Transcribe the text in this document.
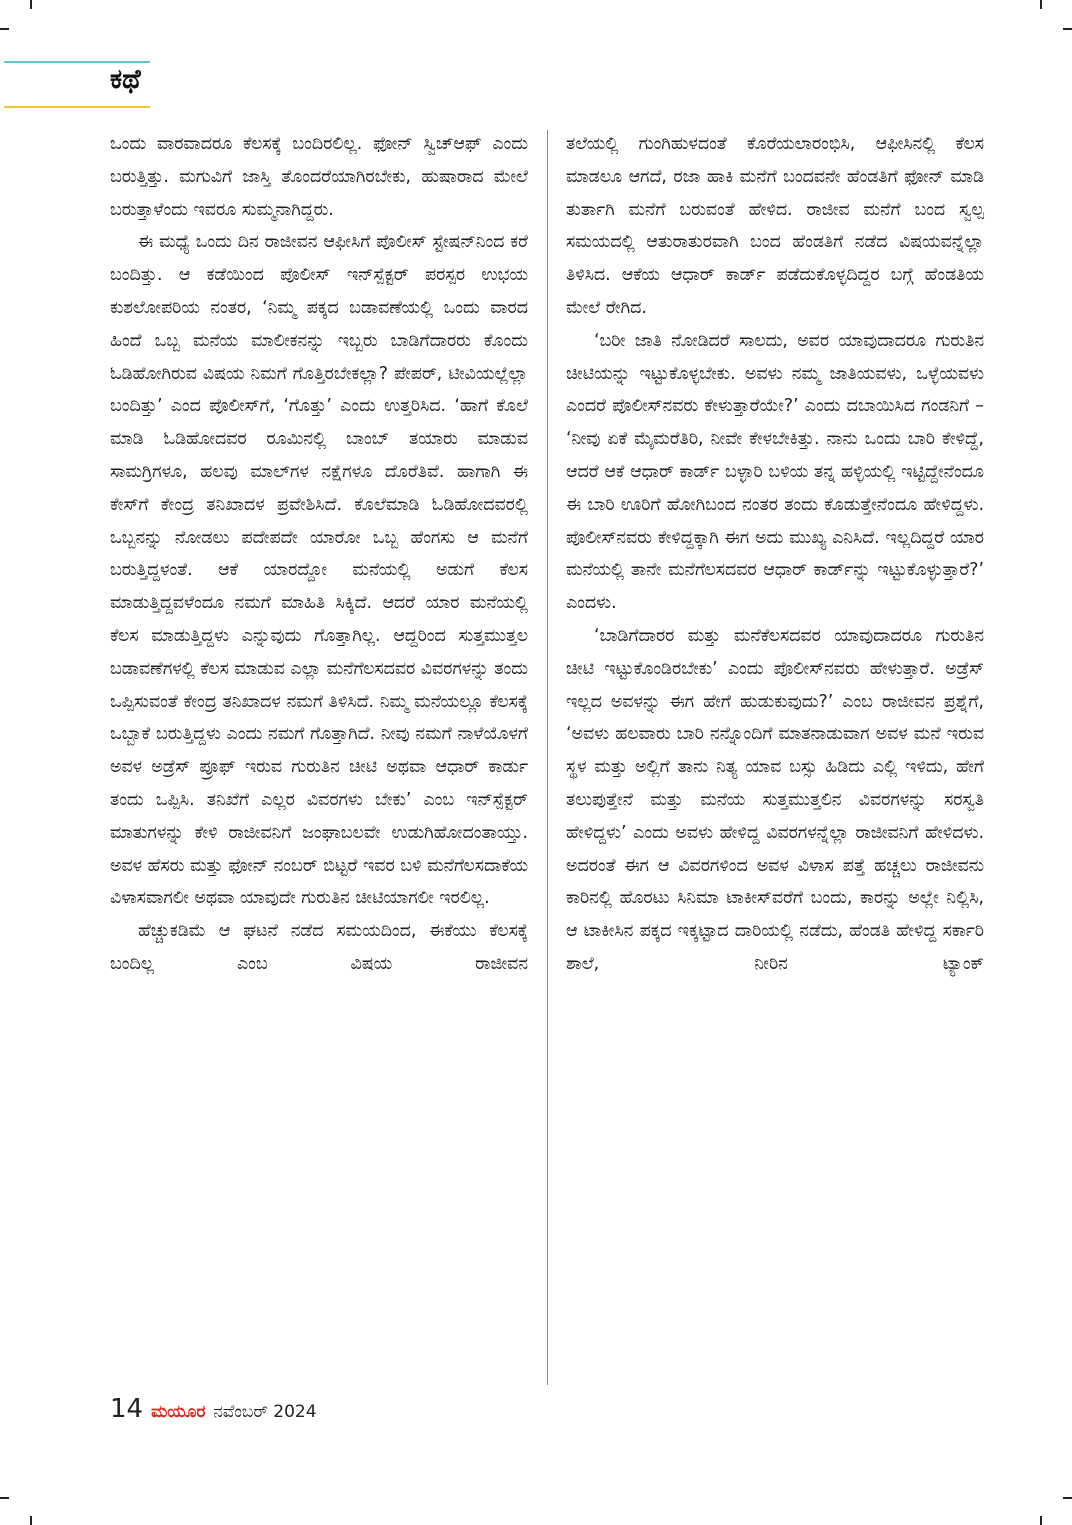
ಕಥೆ

ಒಂದು ವಾರವಾದರೂ ಕೆಲಸಕ್ಕೆ ಬಂದಿರಲಿಲ್ಲ. ಫೋನ್ ಸ್ವಿಚ್‌ಆಫ್ ಎಂದು ಬರುತ್ತಿತ್ತು. ಮಗುವಿಗೆ ಜಾಸ್ತಿ ತೊಂದರೆಯಾಗಿರಬೇಕು, ಹುಷಾರಾದ ಮೇಲೆ ಬರುತ್ತಾಳೆಂದು ಇವರೂ ಸುಮ್ಮನಾಗಿದ್ದರು.

ಈ ಮಧ್ಯೆ ಒಂದು ದಿನ ರಾಜೀವನ ಆಫೀಸಿಗೆ ಪೊಲೀಸ್ ಸ್ಟೇಷನ್‌ನಿಂದ ಕರೆ ಬಂದಿತ್ತು. ಆ ಕಡೆಯಿಂದ ಪೊಲೀಸ್ ಇನ್‌ಸ್ಪೆಕ್ಟರ್ ಪರಸ್ಪರ ಉಭಯ ಕುಶಲೋಪರಿಯ ನಂತರ, ‘ನಿಮ್ಮ ಪಕ್ಕದ ಬಡಾವಣೆಯಲ್ಲಿ ಒಂದು ವಾರದ ಹಿಂದೆ ಒಬ್ಬ ಮನೆಯ ಮಾಲೀಕನನ್ನು ಇಬ್ಬರು ಬಾಡಿಗೆದಾರರು ಕೊಂದು ಓಡಿಹೋಗಿರುವ ವಿಷಯ ನಿಮಗೆ ಗೊತ್ತಿರಬೇಕಲ್ಲಾ? ಪೇಪರ್, ಟೀವಿಯಲ್ಲೆಲ್ಲಾ ಬಂದಿತ್ತು’ ಎಂದ ಪೊಲೀಸ್‌ಗೆ, ‘ಗೊತ್ತು’ ಎಂದು ಉತ್ತರಿಸಿದ. ‘ಹಾಗೆ ಕೊಲೆ ಮಾಡಿ ಓಡಿಹೋದವರ ರೂಮಿನಲ್ಲಿ ಬಾಂಬ್ ತಯಾರು ಮಾಡುವ ಸಾಮಗ್ರಿಗಳೂ, ಹಲವು ಮಾಲ್‌ಗಳ ನಕ್ಷೆಗಳೂ ದೊರೆತಿವೆ. ಹಾಗಾಗಿ ಈ ಕೇಸ್‌ಗೆ ಕೇಂದ್ರ ತನಿಖಾದಳ ಪ್ರವೇಶಿಸಿದೆ. ಕೊಲೆಮಾಡಿ ಓಡಿಹೋದವರಲ್ಲಿ ಒಬ್ಬನನ್ನು ನೋಡಲು ಪದೇಪದೇ ಯಾರೋ ಒಬ್ಬ ಹೆಂಗಸು ಆ ಮನೆಗೆ ಬರುತ್ತಿದ್ದಳಂತೆ. ಆಕೆ ಯಾರದ್ದೋ ಮನೆಯಲ್ಲಿ ಅಡುಗೆ ಕೆಲಸ ಮಾಡುತ್ತಿದ್ದವಳೆಂದೂ ನಮಗೆ ಮಾಹಿತಿ ಸಿಕ್ಕಿದೆ. ಆದರೆ ಯಾರ ಮನೆಯಲ್ಲಿ ಕೆಲಸ ಮಾಡುತ್ತಿದ್ದಳು ಎನ್ನುವುದು ಗೊತ್ತಾಗಿಲ್ಲ. ಆದ್ದರಿಂದ ಸುತ್ತಮುತ್ತಲ ಬಡಾವಣೆಗಳಲ್ಲಿ ಕೆಲಸ ಮಾಡುವ ಎಲ್ಲಾ ಮನೆಗೆಲಸದವರ ವಿವರಗಳನ್ನು ತಂದು ಒಪ್ಪಿಸುವಂತೆ ಕೇಂದ್ರ ತನಿಖಾದಳ ನಮಗೆ ತಿಳಿಸಿದೆ. ನಿಮ್ಮ ಮನೆಯಲ್ಲೂ ಕೆಲಸಕ್ಕೆ ಒಬ್ಬಾಕೆ ಬರುತ್ತಿದ್ದಳು ಎಂದು ನಮಗೆ ಗೊತ್ತಾಗಿದೆ. ನೀವು ನಮಗೆ ನಾಳೆಯೊಳಗೆ ಅವಳ ಅಡ್ರೆಸ್ ಪ್ರೂಫ್ ಇರುವ ಗುರುತಿನ ಚೀಟಿ ಅಥವಾ ಆಧಾರ್ ಕಾರ್ಡು ತಂದು ಒಪ್ಪಿಸಿ. ತನಿಖೆಗೆ ಎಲ್ಲರ ವಿವರಗಳು ಬೇಕು’ ಎಂಬ ಇನ್‌ಸ್ಪೆಕ್ಟರ್ ಮಾತುಗಳನ್ನು ಕೇಳಿ ರಾಜೀವನಿಗೆ ಜಂಘಾಬಲವೇ ಉಡುಗಿಹೋದಂತಾಯ್ತು. ಅವಳ ಹೆಸರು ಮತ್ತು ಫೋನ್ ನಂಬರ್ ಬಿಟ್ಟರೆ ಇವರ ಬಳಿ ಮನೆಗೆಲಸದಾಕೆಯ ವಿಳಾಸವಾಗಲೀ ಅಥವಾ ಯಾವುದೇ ಗುರುತಿನ ಚೀಟಿಯಾಗಲೀ ಇರಲಿಲ್ಲ.

ಹೆಚ್ಚುಕಡಿಮೆ ಆ ಘಟನೆ ನಡೆದ ಸಮಯದಿಂದ, ಈಕೆಯು ಕೆಲಸಕ್ಕೆ ಬಂದಿಲ್ಲ ಎಂಬ ವಿಷಯ ರಾಜೀವನ

ತಲೆಯಲ್ಲಿ ಗುಂಗಿಹುಳದಂತೆ ಕೊರೆಯಲಾರಂಭಿಸಿ, ಆಫೀಸಿನಲ್ಲಿ ಕೆಲಸ ಮಾಡಲೂ ಆಗದೆ, ರಜಾ ಹಾಕಿ ಮನೆಗೆ ಬಂದವನೇ ಹೆಂಡತಿಗೆ ಫೋನ್ ಮಾಡಿ ತುರ್ತಾಗಿ ಮನೆಗೆ ಬರುವಂತೆ ಹೇಳಿದ. ರಾಜೀವ ಮನೆಗೆ ಬಂದ ಸ್ವಲ್ಪ ಸಮಯದಲ್ಲಿ ಆತುರಾತುರವಾಗಿ ಬಂದ ಹೆಂಡತಿಗೆ ನಡೆದ ವಿಷಯವನ್ನೆಲ್ಲಾ ತಿಳಿಸಿದ. ಆಕೆಯ ಆಧಾರ್ ಕಾರ್ಡ್ ಪಡೆದುಕೊಳ್ಳದಿದ್ದರ ಬಗ್ಗೆ ಹೆಂಡತಿಯ ಮೇಲೆ ರೇಗಿದ.

‘ಬರೀ ಜಾತಿ ನೋಡಿದರೆ ಸಾಲದು, ಅವರ ಯಾವುದಾದರೂ ಗುರುತಿನ ಚೀಟಿಯನ್ನು ಇಟ್ಟುಕೊಳ್ಳಬೇಕು. ಅವಳು ನಮ್ಮ ಜಾತಿಯವಳು, ಒಳ್ಳೆಯವಳು ಎಂದರೆ ಪೊಲೀಸ್‌ನವರು ಕೇಳುತ್ತಾರೆಯೇ?’ ಎಂದು ದಬಾಯಿಸಿದ ಗಂಡನಿಗೆ – ‘ನೀವು ಏಕೆ ಮೈಮರೆತಿರಿ, ನೀವೇ ಕೇಳಬೇಕಿತ್ತು. ನಾನು ಒಂದು ಬಾರಿ ಕೇಳಿದ್ದೆ, ಆದರೆ ಆಕೆ ಆಧಾರ್ ಕಾರ್ಡ್ ಬಳ್ಳಾರಿ ಬಳಿಯ ತನ್ನ ಹಳ್ಳಿಯಲ್ಲಿ ಇಟ್ಟಿದ್ದೇನೆಂದೂ ಈ ಬಾರಿ ಊರಿಗೆ ಹೋಗಿಬಂದ ನಂತರ ತಂದು ಕೊಡುತ್ತೇನೆಂದೂ ಹೇಳಿದ್ದಳು. ಪೊಲೀಸ್‌ನವರು ಕೇಳಿದ್ದಕ್ಕಾಗಿ ಈಗ ಅದು ಮುಖ್ಯ ಎನಿಸಿದೆ. ಇಲ್ಲದಿದ್ದರೆ ಯಾರ ಮನೆಯಲ್ಲಿ ತಾನೇ ಮನೆಗೆಲಸದವರ ಆಧಾರ್ ಕಾರ್ಡ್‌ನ್ನು ಇಟ್ಟುಕೊಳ್ಳುತ್ತಾರೆ?’ ಎಂದಳು.

‘ಬಾಡಿಗೆದಾರರ ಮತ್ತು ಮನೆಕೆಲಸದವರ ಯಾವುದಾದರೂ ಗುರುತಿನ ಚೀಟಿ ಇಟ್ಟುಕೊಂಡಿರಬೇಕು’ ಎಂದು ಪೊಲೀಸ್‌ನವರು ಹೇಳುತ್ತಾರೆ. ಅಡ್ರೆಸ್ ಇಲ್ಲದ ಅವಳನ್ನು ಈಗ ಹೇಗೆ ಹುಡುಕುವುದು?’ ಎಂಬ ರಾಜೀವನ ಪ್ರಶ್ನೆಗೆ, ‘ಅವಳು ಹಲವಾರು ಬಾರಿ ನನ್ನೊಂದಿಗೆ ಮಾತನಾಡುವಾಗ ಅವಳ ಮನೆ ಇರುವ ಸ್ಥಳ ಮತ್ತು ಅಲ್ಲಿಗೆ ತಾನು ನಿತ್ಯ ಯಾವ ಬಸ್ಸು ಹಿಡಿದು ಎಲ್ಲಿ ಇಳಿದು, ಹೇಗೆ ತಲುಪುತ್ತೇನೆ ಮತ್ತು ಮನೆಯ ಸುತ್ತಮುತ್ತಲಿನ ವಿವರಗಳನ್ನು ಸರಸ್ವತಿ ಹೇಳಿದ್ದಳು’ ಎಂದು ಅವಳು ಹೇಳಿದ್ದ ವಿವರಗಳನ್ನೆಲ್ಲಾ ರಾಜೀವನಿಗೆ ಹೇಳಿದಳು. ಅದರಂತೆ ಈಗ ಆ ವಿವರಗಳಿಂದ ಅವಳ ವಿಳಾಸ ಪತ್ತೆ ಹಚ್ಚಲು ರಾಜೀವನು ಕಾರಿನಲ್ಲಿ ಹೊರಟು ಸಿನಿಮಾ ಟಾಕೀಸ್‌ವರೆಗೆ ಬಂದು, ಕಾರನ್ನು ಅಲ್ಲೇ ನಿಲ್ಲಿಸಿ, ಆ ಟಾಕೀಸಿನ ಪಕ್ಕದ ಇಕ್ಕಟ್ಟಾದ ದಾರಿಯಲ್ಲಿ ನಡೆದು, ಹೆಂಡತಿ ಹೇಳಿದ್ದ ಸರ್ಕಾರಿ ಶಾಲೆ, ನೀರಿನ ಟ್ಯಾಂಕ್

14 ಮಯೂರ ನವೆಂಬರ್ 2024
